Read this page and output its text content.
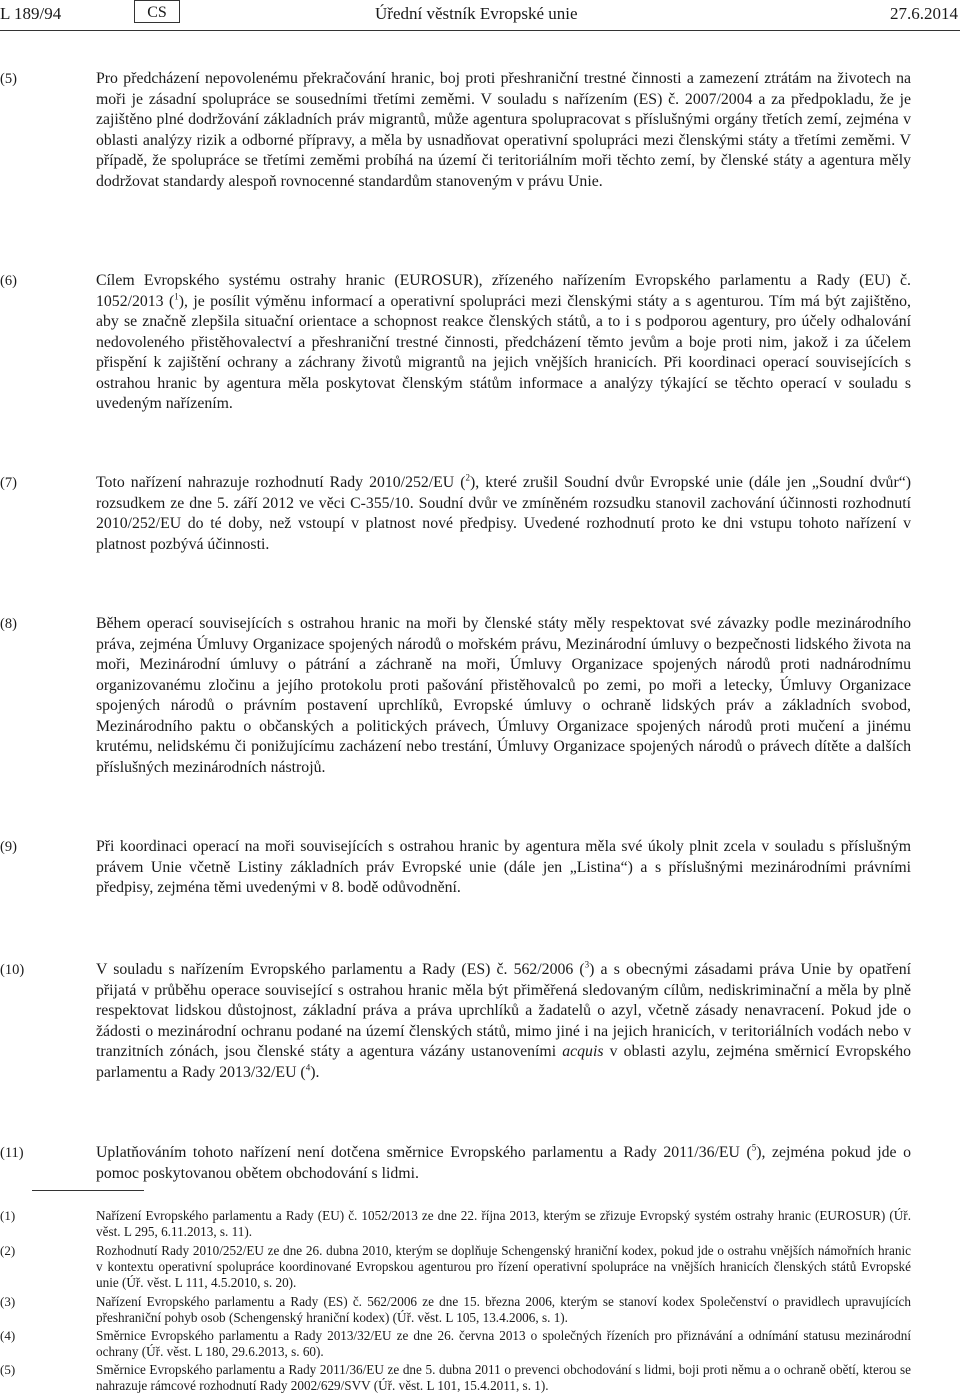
L 189/94	CS	Úřední věstník Evropské unie	27.6.2014
(5)	Pro předcházení nepovolenému překračování hranic, boj proti přeshraniční trestné činnosti a zamezení ztrátám na životech na moři je zásadní spolupráce se sousedními třetími zeměmi. V souladu s nařízením (ES) č. 2007/2004 a za předpokladu, že je zajištěno plné dodržování základních práv migrantů, může agentura spolupracovat s příslušnými orgány třetích zemí, zejména v oblasti analýzy rizik a odborné přípravy, a měla by usnadňovat operativní spolupráci mezi členskými státy a třetími zeměmi. V případě, že spolupráce se třetími zeměmi probíhá na území či teritoriálním moři těchto zemí, by členské státy a agentura měly dodržovat standardy alespoň rovnocenné standardům stanoveným v právu Unie.

(6)	Cílem Evropského systému ostrahy hranic (EUROSUR), zřízeného nařízením Evropského parlamentu a Rady (EU) č. 1052/2013 ($^1$), je posílit výměnu informací a operativní spolupráci mezi členskými státy a s agenturou. Tím má být zajištěno, aby se značně zlepšila situační orientace a schopnost reakce členských států, a to i s podporou agentury, pro účely odhalování nedovoleného přistěhovalectví a přeshraniční trestné činnosti, předcházení těmto jevům a boje proti nim, jakož i za účelem přispění k zajištění ochrany a záchrany životů migrantů na jejich vnějších hranicích. Při koordinaci operací souvisejících s ostrahou hranic by agentura měla poskytovat členským státům informace a analýzy týkající se těchto operací v souladu s uvedeným nařízením.

(7)	Toto nařízení nahrazuje rozhodnutí Rady 2010/252/EU ($^2$), které zrušil Soudní dvůr Evropské unie (dále jen „Soudní dvůr“) rozsudkem ze dne 5. září 2012 ve věci C-355/10. Soudní dvůr ve zmíněném rozsudku stanovil zachování účinnosti rozhodnutí 2010/252/EU do té doby, než vstoupí v platnost nové předpisy. Uvedené rozhodnutí proto ke dni vstupu tohoto nařízení v platnost pozbývá účinnosti.

(8)	Během operací souvisejících s ostrahou hranic na moři by členské státy měly respektovat své závazky podle mezinárodního práva, zejména Úmluvy Organizace spojených národů o mořském právu, Mezinárodní úmluvy o bezpečnosti lidského života na moři, Mezinárodní úmluvy o pátrání a záchraně na moři, Úmluvy Organizace spojených národů proti nadnárodnímu organizovanému zločinu a jejího protokolu proti pašování přistěhovalců po zemi, po moři a letecky, Úmluvy Organizace spojených národů o právním postavení uprchlíků, Evropské úmluvy o ochraně lidských práv a základních svobod, Mezinárodního paktu o občanských a politických právech, Úmluvy Organizace spojených národů proti mučení a jinému krutému, nelidskému či ponižujícímu zacházení nebo trestání, Úmluvy Organizace spojených národů o právech dítěte a dalších příslušných mezinárodních nástrojů.

(9)	Při koordinaci operací na moři souvisejících s ostrahou hranic by agentura měla své úkoly plnit zcela v souladu s příslušným právem Unie včetně Listiny základních práv Evropské unie (dále jen „Listina“) a s příslušnými mezinárodními právními předpisy, zejména těmi uvedenými v 8. bodě odůvodnění.

(10)	V souladu s nařízením Evropského parlamentu a Rady (ES) č. 562/2006 ($^3$) a s obecnými zásadami práva Unie by opatření přijatá v průběhu operace související s ostrahou hranic měla být přiměřená sledovaným cílům, nediskriminační a měla by plně respektovat lidskou důstojnost, základní práva a práva uprchlíků a žadatelů o azyl, včetně zásady nenavracení. Pokud jde o žádosti o mezinárodní ochranu podané na území členských států, mimo jiné i na jejich hranicích, v teritoriálních vodách nebo v tranzitních zónách, jsou členské státy a agentura vázány ustanoveními acquis v oblasti azylu, zejména směrnicí Evropského parlamentu a Rady 2013/32/EU ($^4$).

(11)	Uplatňováním tohoto nařízení není dotčena směrnice Evropského parlamentu a Rady 2011/36/EU ($^5$), zejména pokud jde o pomoc poskytovanou obětem obchodování s lidmi.

(1)	Nařízení Evropského parlamentu a Rady (EU) č. 1052/2013 ze dne 22. října 2013, kterým se zřizuje Evropský systém ostrahy hranic (EUROSUR) (Úř. věst. L 295, 6.11.2013, s. 11).

(2)	Rozhodnutí Rady 2010/252/EU ze dne 26. dubna 2010, kterým se doplňuje Schengenský hraniční kodex, pokud jde o ostrahu vnějších námořních hranic v kontextu operativní spolupráce koordinované Evropskou agenturou pro řízení operativní spolupráce na vnějších hranicích členských států Evropské unie (Úř. věst. L 111, 4.5.2010, s. 20).

(3)	Nařízení Evropského parlamentu a Rady (ES) č. 562/2006 ze dne 15. března 2006, kterým se stanoví kodex Společenství o pravidlech upravujících přeshraniční pohyb osob (Schengenský hraniční kodex) (Úř. věst. L 105, 13.4.2006, s. 1).

(4)	Směrnice Evropského parlamentu a Rady 2013/32/EU ze dne 26. června 2013 o společných řízeních pro přiznávání a odnímání statusu mezinárodní ochrany (Úř. věst. L 180, 29.6.2013, s. 60).

(5)	Směrnice Evropského parlamentu a Rady 2011/36/EU ze dne 5. dubna 2011 o prevenci obchodování s lidmi, boji proti němu a o ochraně obětí, kterou se nahrazuje rámcové rozhodnutí Rady 2002/629/SVV (Úř. věst. L 101, 15.4.2011, s. 1).
